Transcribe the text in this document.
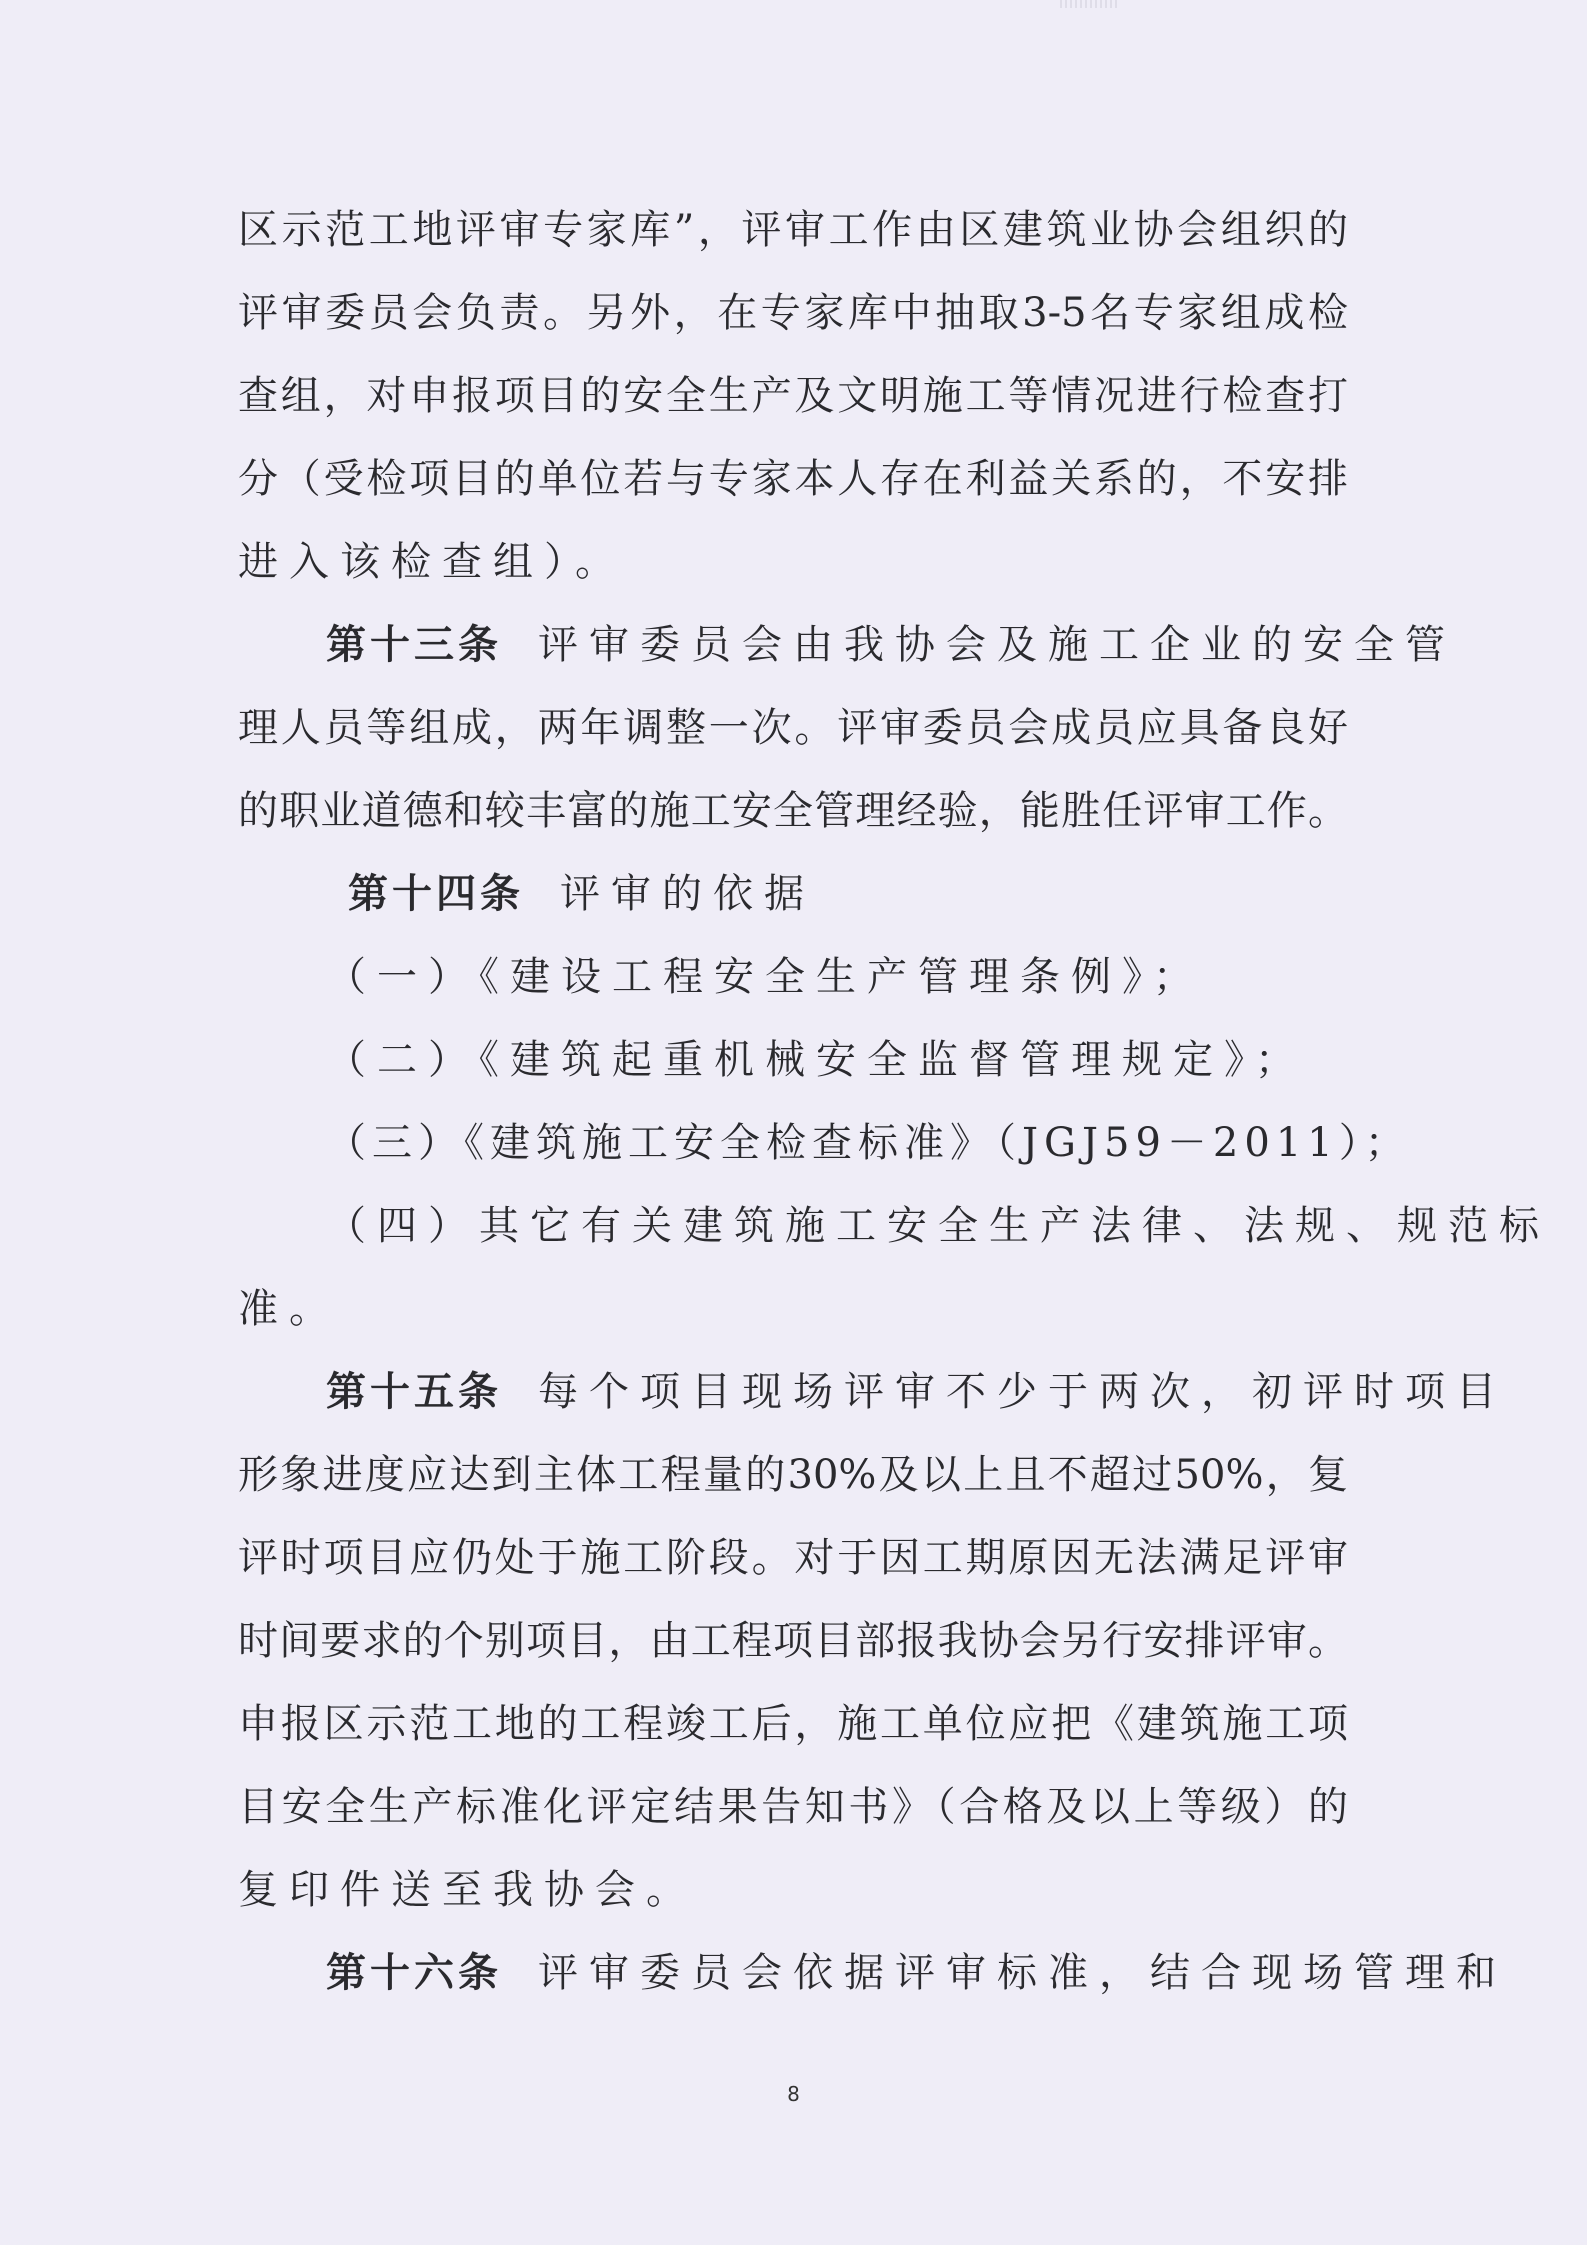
区示范工地评审专家库”，评审工作由区建筑业协会组织的
评审委员会负责。另外，在专家库中抽取3-5名专家组成检
查组，对申报项目的安全生产及文明施工等情况进行检查打
分（受检项目的单位若与专家本人存在利益关系的，不安排
进入该检查组）。
第十三条 评审委员会由我协会及施工企业的安全管
理人员等组成，两年调整一次。评审委员会成员应具备良好
的职业道德和较丰富的施工安全管理经验，能胜任评审工作。
第十四条 评审的依据
（一）《建设工程安全生产管理条例》；
（二）《建筑起重机械安全监督管理规定》；
（三）《建筑施工安全检查标准》（JGJ59－2011）；
（四）其它有关建筑施工安全生产法律、法规、规范标
准。
第十五条 每个项目现场评审不少于两次，初评时项目
形象进度应达到主体工程量的30%及以上且不超过50%，复
评时项目应仍处于施工阶段。对于因工期原因无法满足评审
时间要求的个别项目，由工程项目部报我协会另行安排评审。
申报区示范工地的工程竣工后，施工单位应把《建筑施工项
目安全生产标准化评定结果告知书》（合格及以上等级）的
复印件送至我协会。
第十六条 评审委员会依据评审标准，结合现场管理和
8
